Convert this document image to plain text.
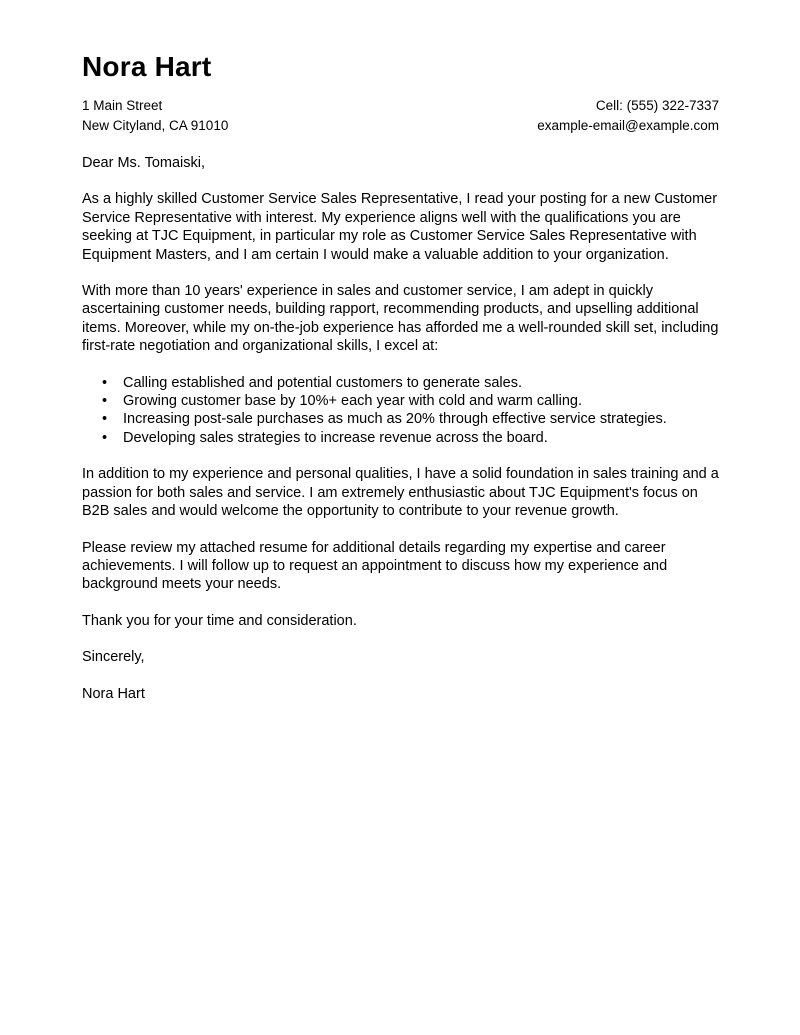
Nora Hart
1 Main Street
New Cityland, CA 91010
Cell: (555) 322-7337
example-email@example.com
Dear Ms. Tomaiski,

As a highly skilled Customer Service Sales Representative, I read your posting for a new Customer Service Representative with interest. My experience aligns well with the qualifications you are seeking at TJC Equipment, in particular my role as Customer Service Sales Representative with Equipment Masters, and I am certain I would make a valuable addition to your organization.

With more than 10 years' experience in sales and customer service, I am adept in quickly ascertaining customer needs, building rapport, recommending products, and upselling additional items. Moreover, while my on-the-job experience has afforded me a well-rounded skill set, including first-rate negotiation and organizational skills, I excel at:

• Calling established and potential customers to generate sales.
• Growing customer base by 10%+ each year with cold and warm calling.
• Increasing post-sale purchases as much as 20% through effective service strategies.
• Developing sales strategies to increase revenue across the board.

In addition to my experience and personal qualities, I have a solid foundation in sales training and a passion for both sales and service. I am extremely enthusiastic about TJC Equipment's focus on B2B sales and would welcome the opportunity to contribute to your revenue growth.

Please review my attached resume for additional details regarding my expertise and career achievements. I will follow up to request an appointment to discuss how my experience and background meets your needs.

Thank you for your time and consideration.

Sincerely,

Nora Hart
